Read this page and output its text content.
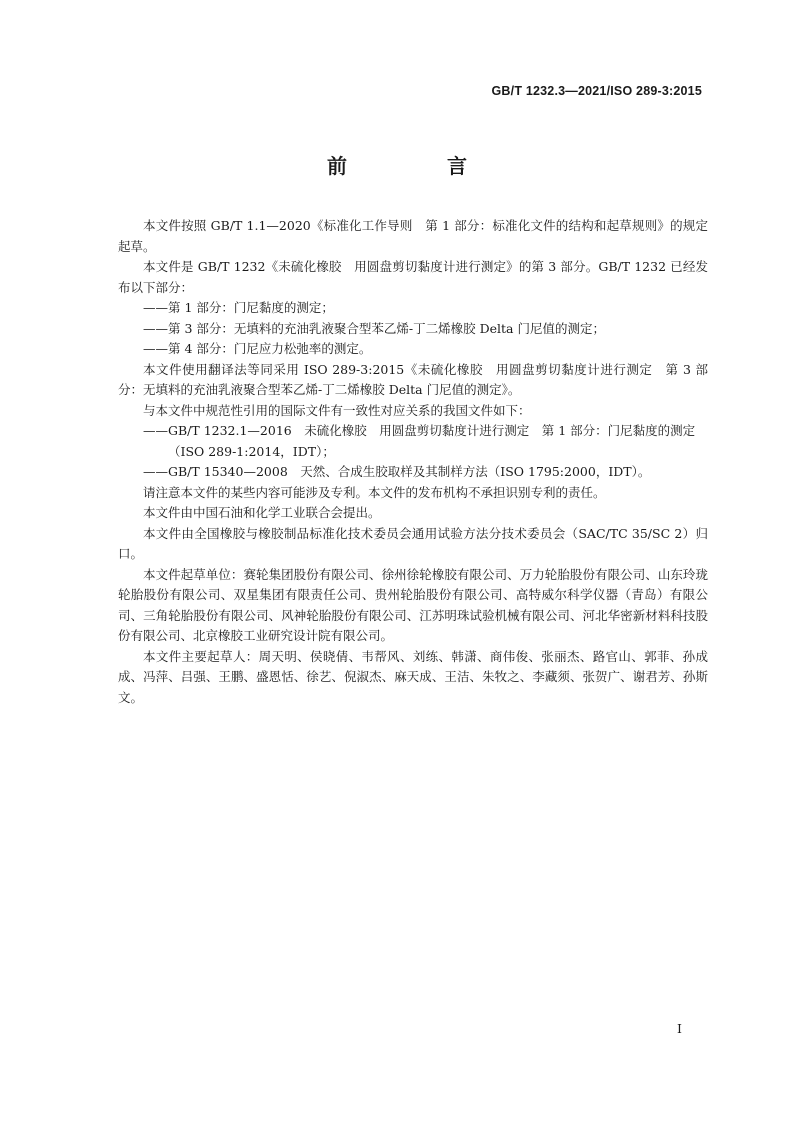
GB/T 1232.3—2021/ISO 289-3:2015
前　言

本文件按照 GB/T 1.1—2020《标准化工作导则　第 1 部分：标准化文件的结构和起草规则》的规定起草。

本文件是 GB/T 1232《未硫化橡胶　用圆盘剪切黏度计进行测定》的第 3 部分。GB/T 1232 已经发布以下部分：

——第 1 部分：门尼黏度的测定；

——第 3 部分：无填料的充油乳液聚合型苯乙烯-丁二烯橡胶 Delta 门尼值的测定；

——第 4 部分：门尼应力松弛率的测定。

本文件使用翻译法等同采用 ISO 289-3:2015《未硫化橡胶　用圆盘剪切黏度计进行测定　第 3 部分：无填料的充油乳液聚合型苯乙烯-丁二烯橡胶 Delta 门尼值的测定》。

与本文件中规范性引用的国际文件有一致性对应关系的我国文件如下：

——GB/T 1232.1—2016　未硫化橡胶　用圆盘剪切黏度计进行测定　第 1 部分：门尼黏度的测定（ISO 289-1:2014，IDT）；

——GB/T 15340—2008　天然、合成生胶取样及其制样方法（ISO 1795:2000，IDT）。

请注意本文件的某些内容可能涉及专利。本文件的发布机构不承担识别专利的责任。

本文件由中国石油和化学工业联合会提出。

本文件由全国橡胶与橡胶制品标准化技术委员会通用试验方法分技术委员会（SAC/TC 35/SC 2）归口。

本文件起草单位：赛轮集团股份有限公司、徐州徐轮橡胶有限公司、万力轮胎股份有限公司、山东玲珑轮胎股份有限公司、双星集团有限责任公司、贵州轮胎股份有限公司、高特威尔科学仪器（青岛）有限公司、三角轮胎股份有限公司、风神轮胎股份有限公司、江苏明珠试验机械有限公司、河北华密新材料科技股份有限公司、北京橡胶工业研究设计院有限公司。

本文件主要起草人：周天明、侯晓倩、韦帮风、刘练、韩潇、商伟俊、张丽杰、路官山、郭菲、孙成成、冯萍、吕强、王鹏、盛恩恬、徐艺、倪淑杰、麻天成、王洁、朱牧之、李藏须、张贺广、谢君芳、孙斯文。

I
